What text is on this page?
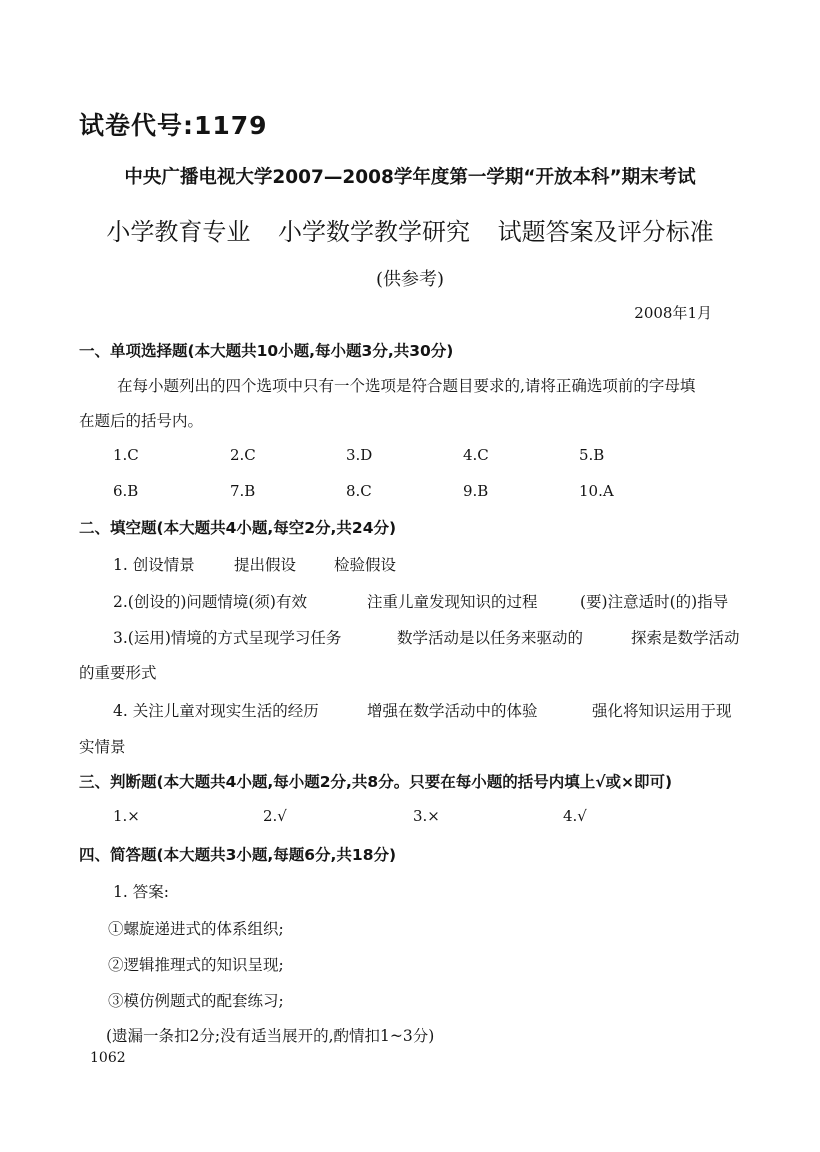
试卷代号:1179
中央广播电视大学2007—2008学年度第一学期“开放本科”期末考试
小学教育专业 小学数学教学研究 试题答案及评分标准
(供参考)
2008年1月
一、单项选择题(本大题共10小题,每小题3分,共30分)
在每小题列出的四个选项中只有一个选项是符合题目要求的,请将正确选项前的字母填
在题后的括号内。
1.C	2.C	3.D	4.C	5.B
6.B	7.B	8.C	9.B	10.A
二、填空题(本大题共4小题,每空2分,共24分)
1. 创设情景	提出假设 检验假设
2.(创设的)问题情境(须)有效	注重儿童发现知识的过程	(要)注意适时(的)指导
3.(运用)情境的方式呈现学习任务	数学活动是以任务来驱动的	探索是数学活动
的重要形式
4. 关注儿童对现实生活的经历	增强在数学活动中的体验	强化将知识运用于现
实情景
三、判断题(本大题共4小题,每小题2分,共8分。只要在每小题的括号内填上√或×即可)
1.×	2.√	3.×	4.√
四、简答题(本大题共3小题,每题6分,共18分)
1. 答案:
①螺旋递进式的体系组织;
②逻辑推理式的知识呈现;
③模仿例题式的配套练习;
(遗漏一条扣2分;没有适当展开的,酌情扣1~3分)
1062
